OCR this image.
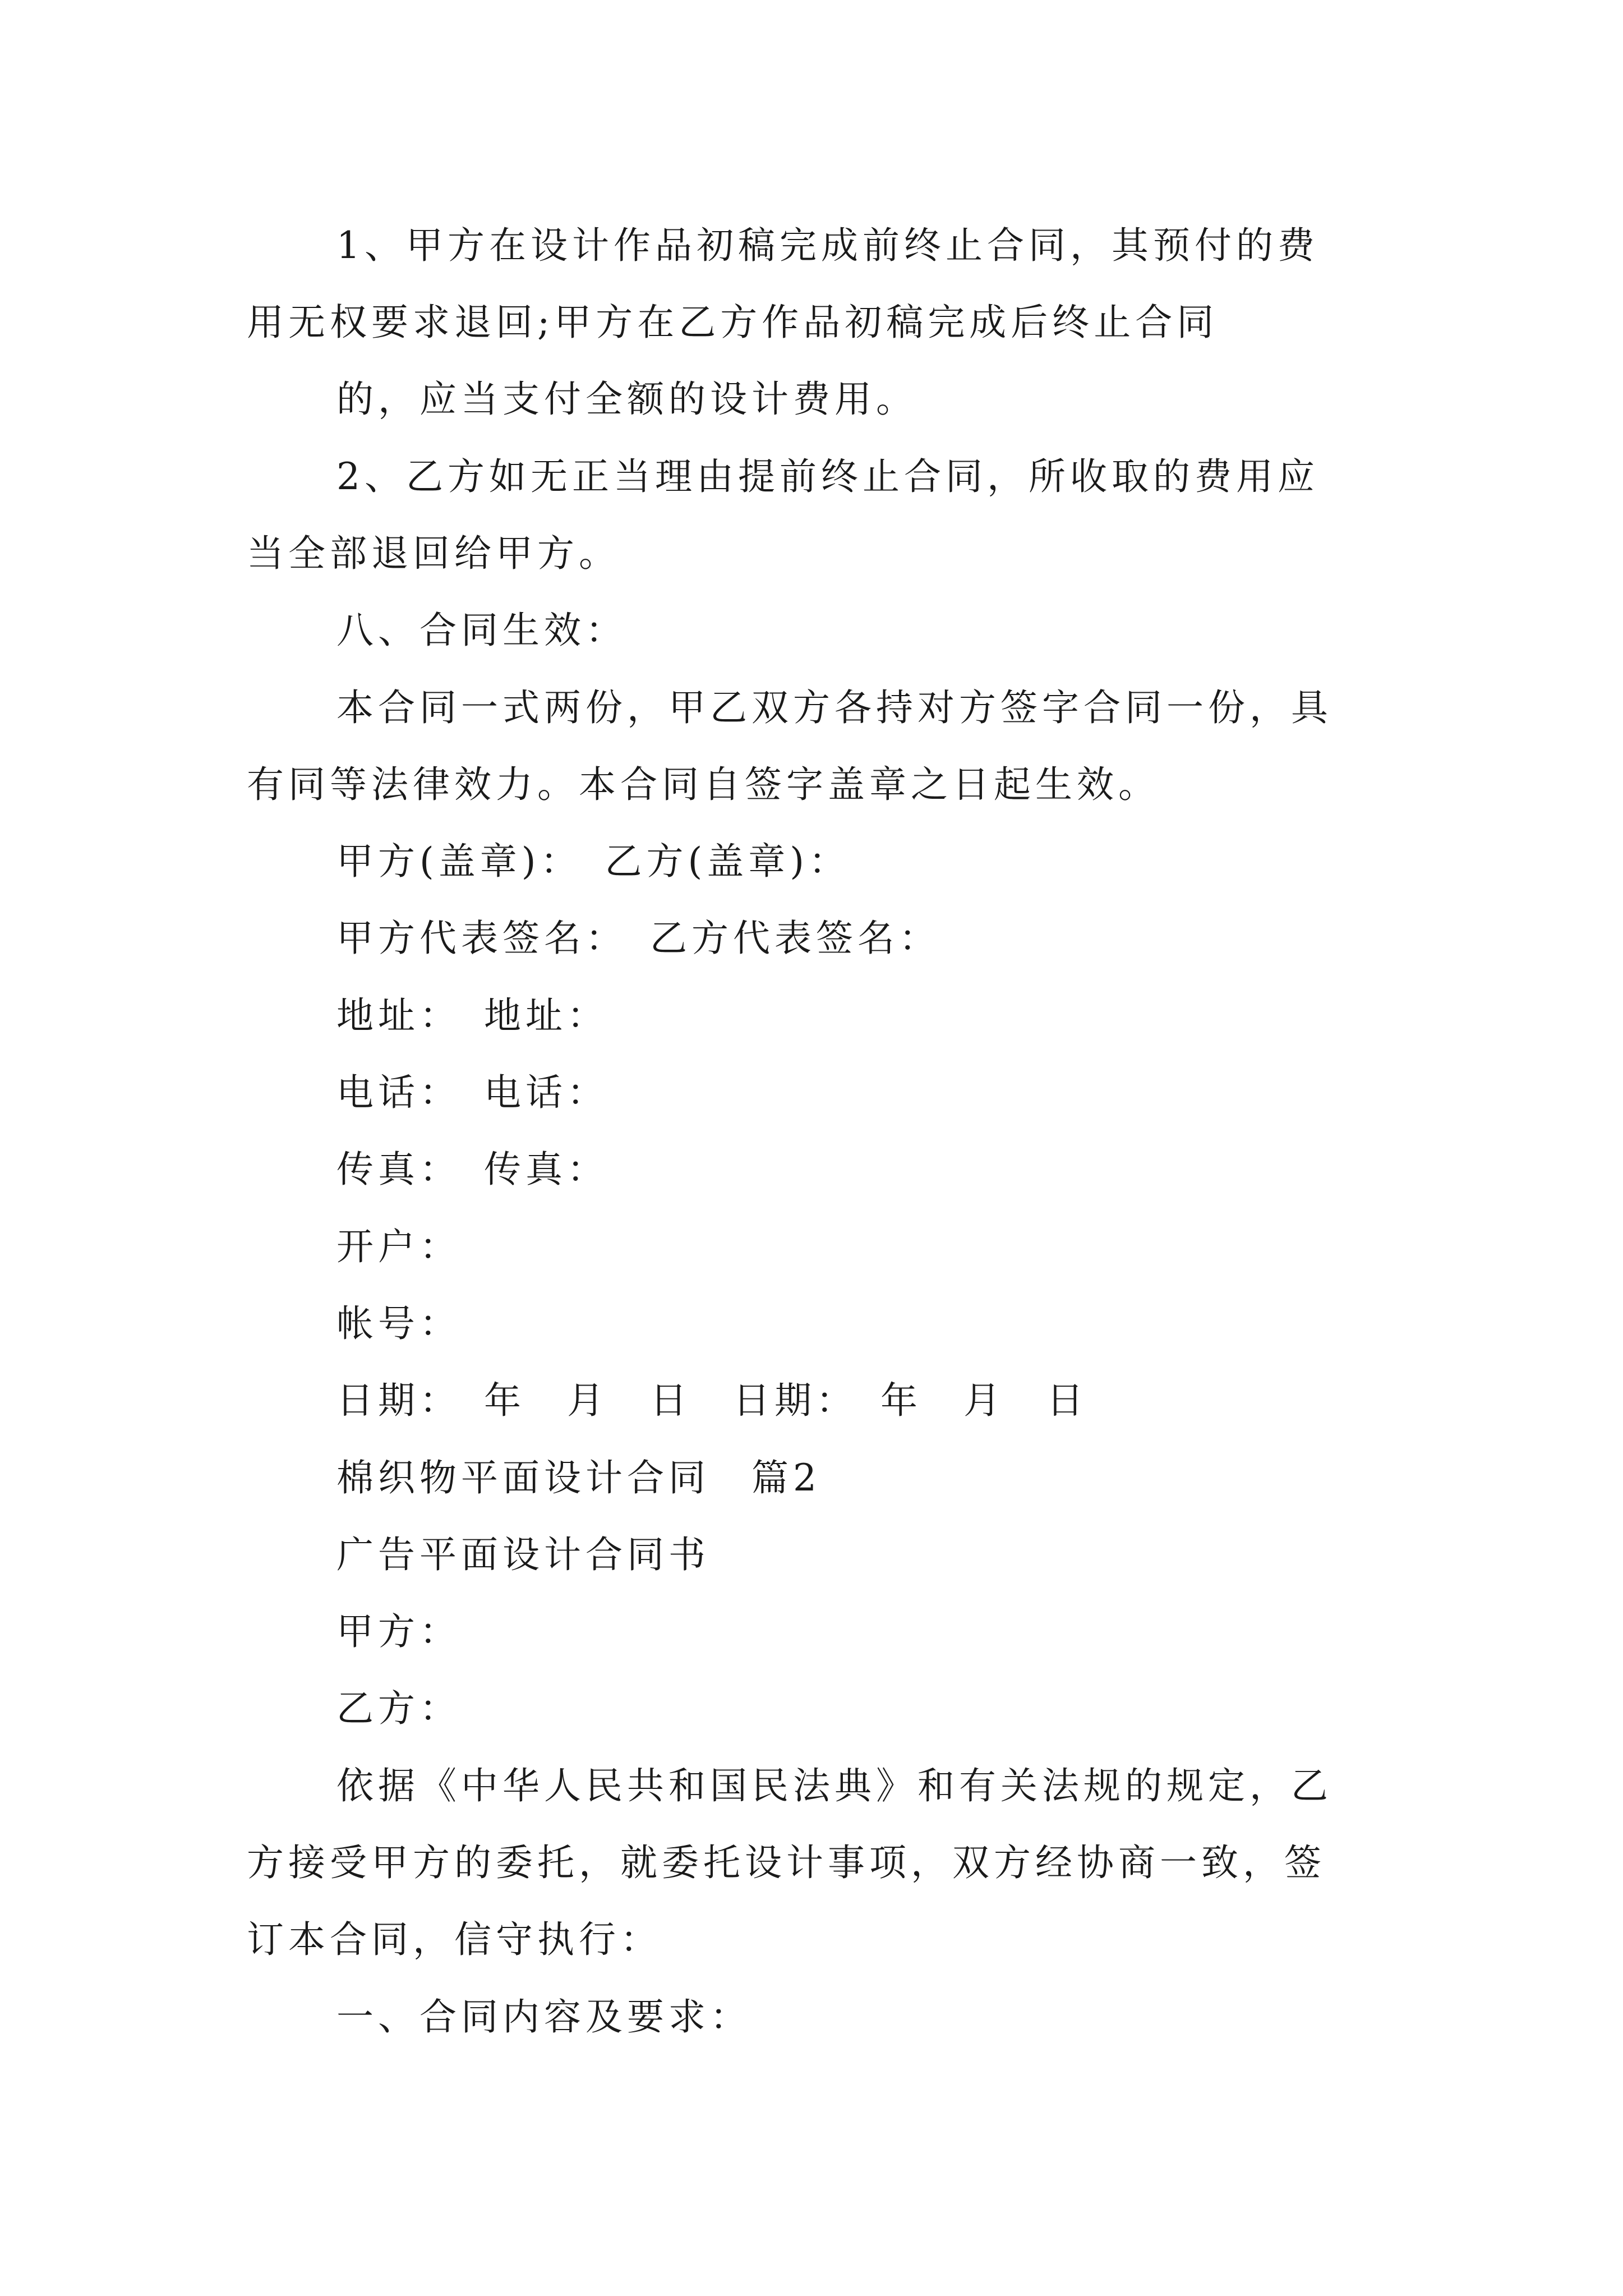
1、甲方在设计作品初稿完成前终止合同，其预付的费
用无权要求退回;甲方在乙方作品初稿完成后终止合同
的，应当支付全额的设计费用。
2、乙方如无正当理由提前终止合同，所收取的费用应
当全部退回给甲方。
八、合同生效：
本合同一式两份，甲乙双方各持对方签字合同一份，具
有同等法律效力。本合同自签字盖章之日起生效。
甲方(盖章)：　乙方(盖章)：
甲方代表签名：　乙方代表签名：
地址：　地址：
电话：　电话：
传真：　传真：
开户：
帐号：
日期：　年　月　日　日期：　年　月　日
棉织物平面设计合同　篇2
广告平面设计合同书
甲方：
乙方：
依据《中华人民共和国民法典》和有关法规的规定，乙
方接受甲方的委托，就委托设计事项，双方经协商一致，签
订本合同，信守执行：
一、合同内容及要求：
